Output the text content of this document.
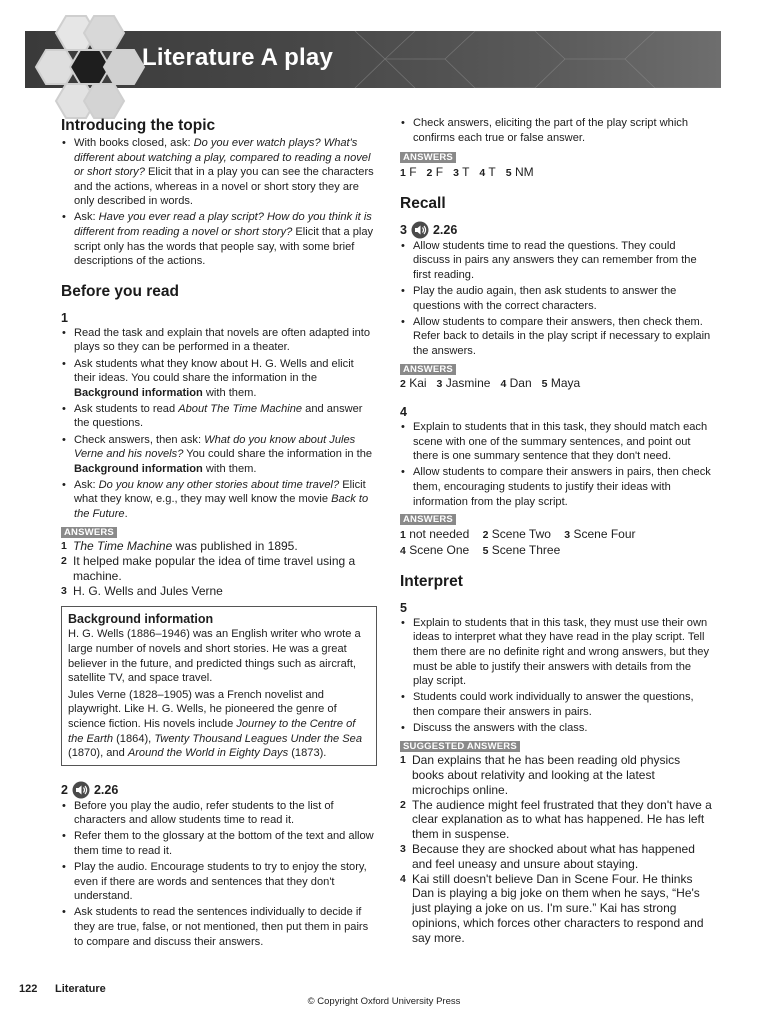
Literature A play
Introducing the topic
• With books closed, ask: Do you ever watch plays? What's different about watching a play, compared to reading a novel or short story? Elicit that in a play you can see the characters and the actions, whereas in a novel or short story they are only described in words.
• Ask: Have you ever read a play script? How do you think it is different from reading a novel or short story? Elicit that a play script only has the words that people say, with some brief descriptions of the actions.
Before you read

1

• Read the task and explain that novels are often adapted into plays so they can be performed in a theater.
• Ask students what they know about H. G. Wells and elicit their ideas. You could share the information in the Background information with them.
• Ask students to read About The Time Machine and answer the questions.
• Check answers, then ask: What do you know about Jules Verne and his novels? You could share the information in the Background information with them.
• Ask: Do you know any other stories about time travel? Elicit what they know, e.g., they may well know the movie Back to the Future.
ANSWERS
1 The Time Machine was published in 1895.
2 It helped make popular the idea of time travel using a machine.
3 H. G. Wells and Jules Verne
Background information

H. G. Wells (1886–1946) was an English writer who wrote a large number of novels and short stories. He was a great believer in the future, and predicted things such as aircraft, satellite TV, and space travel.

Jules Verne (1828–1905) was a French novelist and playwright. Like H. G. Wells, he pioneered the genre of science fiction. His novels include Journey to the Centre of the Earth (1864), Twenty Thousand Leagues Under the Sea (1870), and Around the World in Eighty Days (1873).

2 2.26
• Before you play the audio, refer students to the list of characters and allow students time to read it.
• Refer them to the glossary at the bottom of the text and allow them time to read it.
• Play the audio. Encourage students to try to enjoy the story, even if there are words and sentences that they don't understand.
• Ask students to read the sentences individually to decide if they are true, false, or not mentioned, then put them in pairs to compare and discuss their answers.
• Check answers, eliciting the part of the play script which confirms each true or false answer.
ANSWERS
1 F 2 F 3 T 4 T 5 NM
Recall
3 2.26
• Allow students time to read the questions. They could discuss in pairs any answers they can remember from the first reading.
• Play the audio again, then ask students to answer the questions with the correct characters.
• Allow students to compare their answers, then check them. Refer back to details in the play script if necessary to explain the answers.
ANSWERS
2 Kai 3 Jasmine 4 Dan 5 Maya

4

• Explain to students that in this task, they should match each scene with one of the summary sentences, and point out there is one summary sentence that they don't need.
• Allow students to compare their answers in pairs, then check them, encouraging students to justify their ideas with information from the play script.
ANSWERS
1 not needed 2 Scene Two 3 Scene Four
4 Scene One 5 Scene Three
Interpret

5

• Explain to students that in this task, they must use their own ideas to interpret what they have read in the play script. Tell them there are no definite right and wrong answers, but they must be able to justify their answers with details from the play script.
• Students could work individually to answer the questions, then compare their answers in pairs.
• Discuss the answers with the class.
SUGGESTED ANSWERS
1 Dan explains that he has been reading old physics books about relativity and looking at the latest microchips online.
2 The audience might feel frustrated that they don't have a clear explanation as to what has happened. He has left them in suspense.
3 Because they are shocked about what has happened and feel uneasy and unsure about staying.
4 Kai still doesn't believe Dan in Scene Four. He thinks Dan is playing a big joke on them when he says, “He's just playing a joke on us. I'm sure.” Kai has strong opinions, which forces other characters to respond and say more.
122 Literature
© Copyright Oxford University Press
